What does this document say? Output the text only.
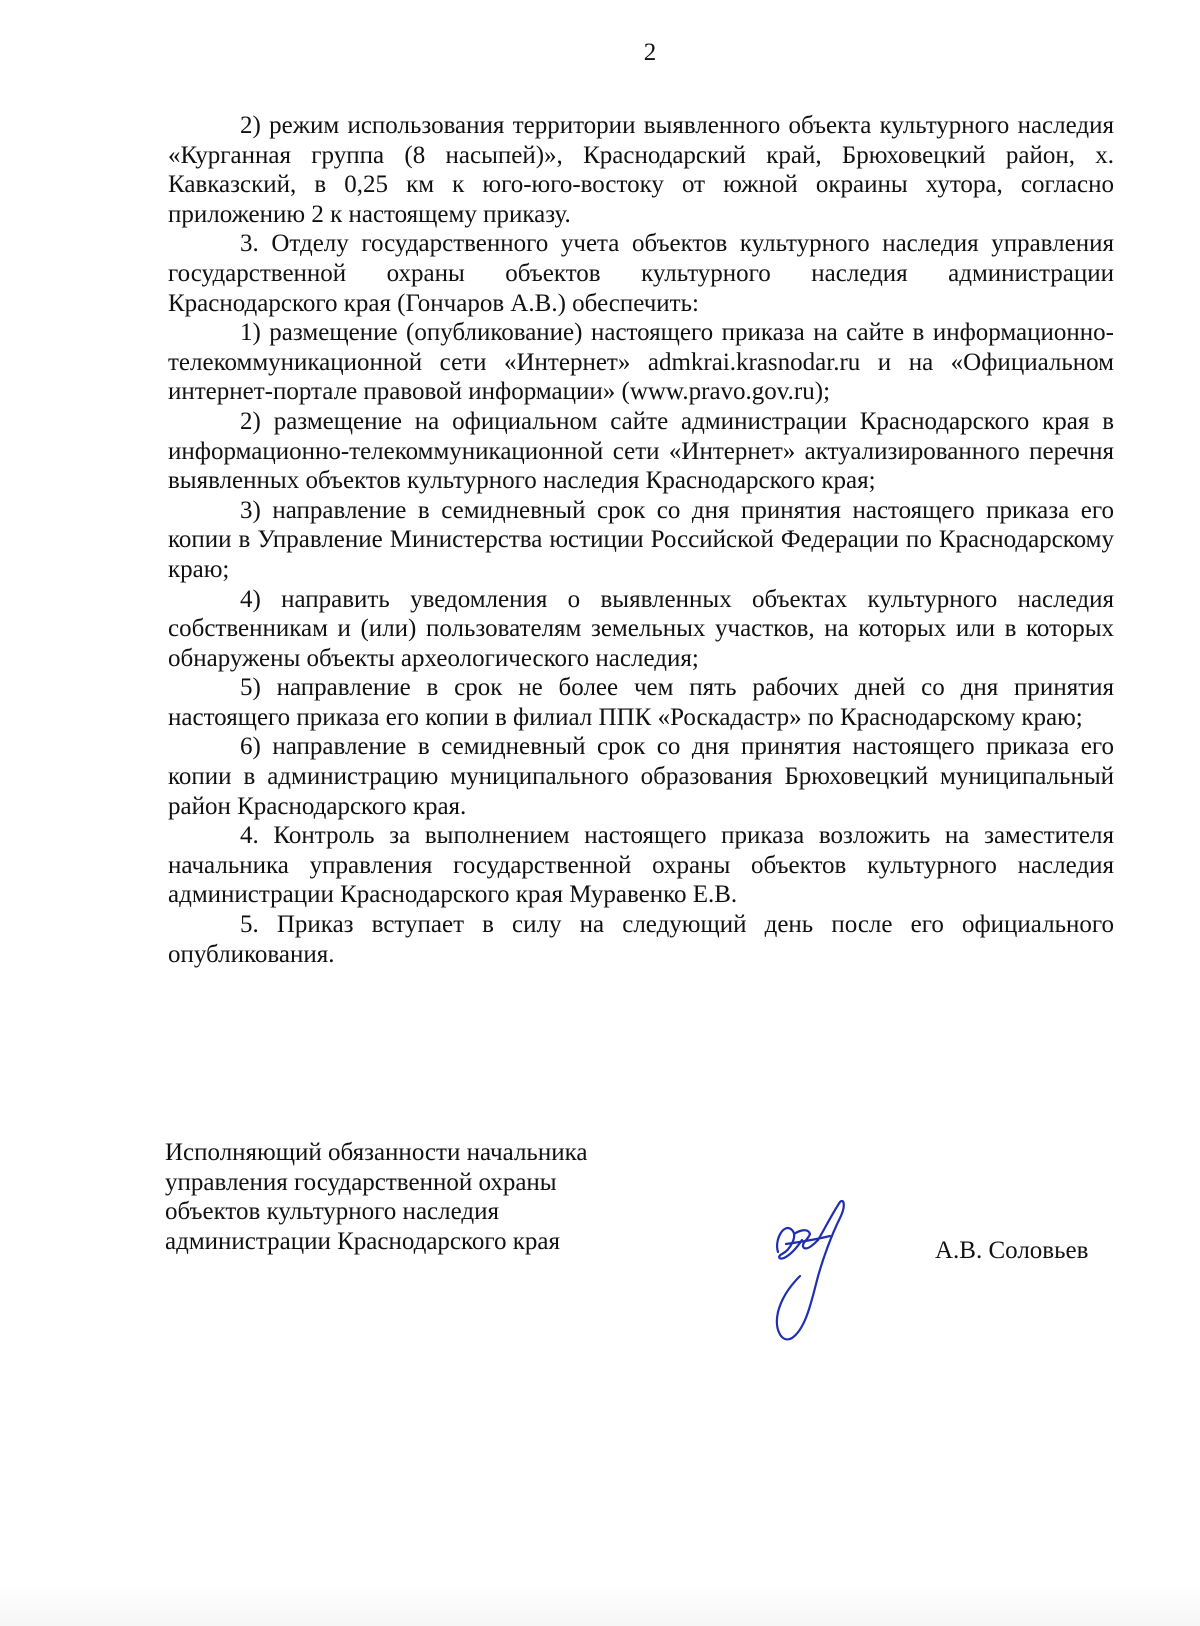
2

2) режим использования территории выявленного объекта культурного наследия «Курганная группа (8 насыпей)», Краснодарский край, Брюховецкий район, х. Кавказский, в 0,25 км к юго-юго-востоку от южной окраины хутора, согласно приложению 2 к настоящему приказу.

3. Отделу государственного учета объектов культурного наследия управления государственной охраны объектов культурного наследия администрации Краснодарского края (Гончаров А.В.) обеспечить:

1) размещение (опубликование) настоящего приказа на сайте в информационно-телекоммуникационной сети «Интернет» admkrai.krasnodar.ru и на «Официальном интернет-портале правовой информации» (www.pravo.gov.ru);

2) размещение на официальном сайте администрации Краснодарского края в информационно-телекоммуникационной сети «Интернет» актуализированного перечня выявленных объектов культурного наследия Краснодарского края;

3) направление в семидневный срок со дня принятия настоящего приказа его копии в Управление Министерства юстиции Российской Федерации по Краснодарскому краю;

4) направить уведомления о выявленных объектах культурного наследия собственникам и (или) пользователям земельных участков, на которых или в которых обнаружены объекты археологического наследия;

5) направление в срок не более чем пять рабочих дней со дня принятия настоящего приказа его копии в филиал ППК «Роскадастр» по Краснодарскому краю;

6) направление в семидневный срок со дня принятия настоящего приказа его копии в администрацию муниципального образования Брюховецкий муниципальный район Краснодарского края.

4. Контроль за выполнением настоящего приказа возложить на заместителя начальника управления государственной охраны объектов культурного наследия администрации Краснодарского края Муравенко Е.В.

5. Приказ вступает в силу на следующий день после его официального опубликования.

Исполняющий обязанности начальника
управления государственной охраны
объектов культурного наследия
администрации Краснодарского края	А.В. Соловьев
